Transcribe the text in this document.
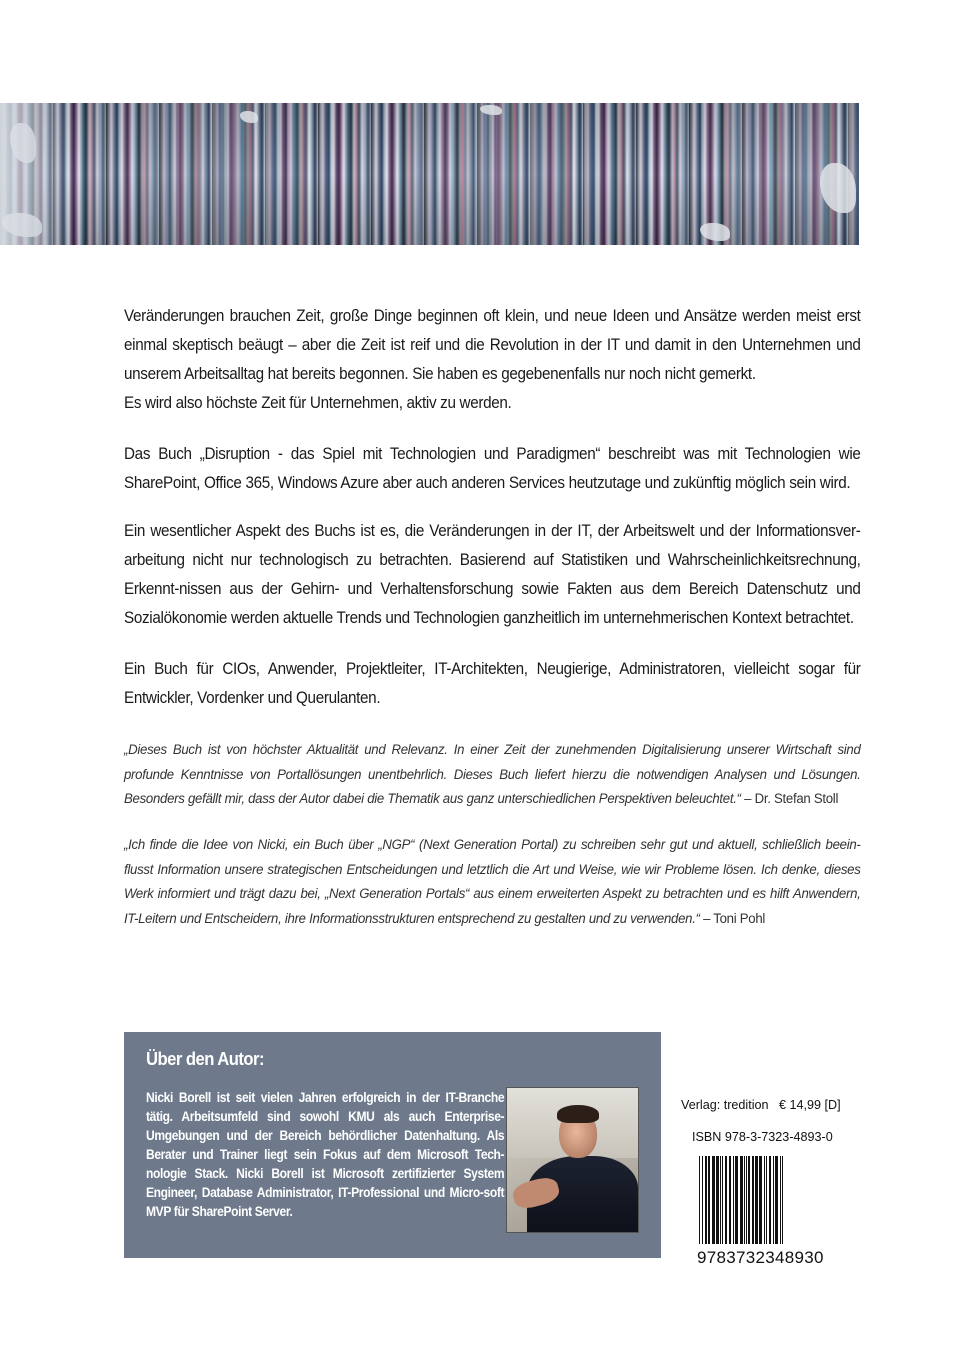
Veränderungen brauchen Zeit, große Dinge beginnen oft klein, und neue Ideen und Ansätze werden meist erst einmal skeptisch beäugt – aber die Zeit ist reif und die Revolution in der IT und damit in den Unternehmen und unserem Arbeitsalltag hat bereits begonnen. Sie haben es gegebenenfalls nur noch nicht gemerkt.

Es wird also höchste Zeit für Unternehmen, aktiv zu werden.

Das Buch „Disruption - das Spiel mit Technologien und Paradigmen“ beschreibt was mit Technologien wie SharePoint, Office 365, Windows Azure aber auch anderen Services heutzutage und zukünftig möglich sein wird.

Ein wesentlicher Aspekt des Buchs ist es, die Veränderungen in der IT, der Arbeitswelt und der Informationsver-arbeitung nicht nur technologisch zu betrachten. Basierend auf Statistiken und Wahrscheinlichkeitsrechnung, Erkennt-nissen aus der Gehirn- und Verhaltensforschung sowie Fakten aus dem Bereich Datenschutz und Sozialökonomie werden aktuelle Trends und Technologien ganzheitlich im unternehmerischen Kontext betrachtet.

Ein Buch für CIOs, Anwender, Projektleiter, IT-Architekten, Neugierige, Administratoren, vielleicht sogar für Entwickler, Vordenker und Querulanten.

„Dieses Buch ist von höchster Aktualität und Relevanz. In einer Zeit der zunehmenden Digitalisierung unserer Wirtschaft sind profunde Kenntnisse von Portallösungen unentbehrlich. Dieses Buch liefert hierzu die notwendigen Analysen und Lösungen. Besonders gefällt mir, dass der Autor dabei die Thematik aus ganz unterschiedlichen Perspektiven beleuchtet.“ – Dr. Stefan Stoll

„Ich finde die Idee von Nicki, ein Buch über „NGP“ (Next Generation Portal) zu schreiben sehr gut und aktuell, schließlich beein-flusst Information unsere strategischen Entscheidungen und letztlich die Art und Weise, wie wir Probleme lösen. Ich denke, dieses Werk informiert und trägt dazu bei, „Next Generation Portals“ aus einem erweiterten Aspekt zu betrachten und es hilft Anwendern, IT-Leitern und Entscheidern, ihre Informationsstrukturen entsprechend zu gestalten und zu verwenden.“ – Toni Pohl

Über den Autor:

Nicki Borell ist seit vielen Jahren erfolgreich in der IT-Branche tätig. Arbeitsumfeld sind sowohl KMU als auch Enterprise-Umgebungen und der Bereich behördlicher Datenhaltung. Als Berater und Trainer liegt sein Fokus auf dem Microsoft Tech-nologie Stack. Nicki Borell ist Microsoft zertifizierter System Engineer, Database Administrator, IT-Professional und Micro-soft MVP für SharePoint Server.

Verlag: tredition € 14,99 [D]

ISBN 978-3-7323-4893-0

9783732348930
